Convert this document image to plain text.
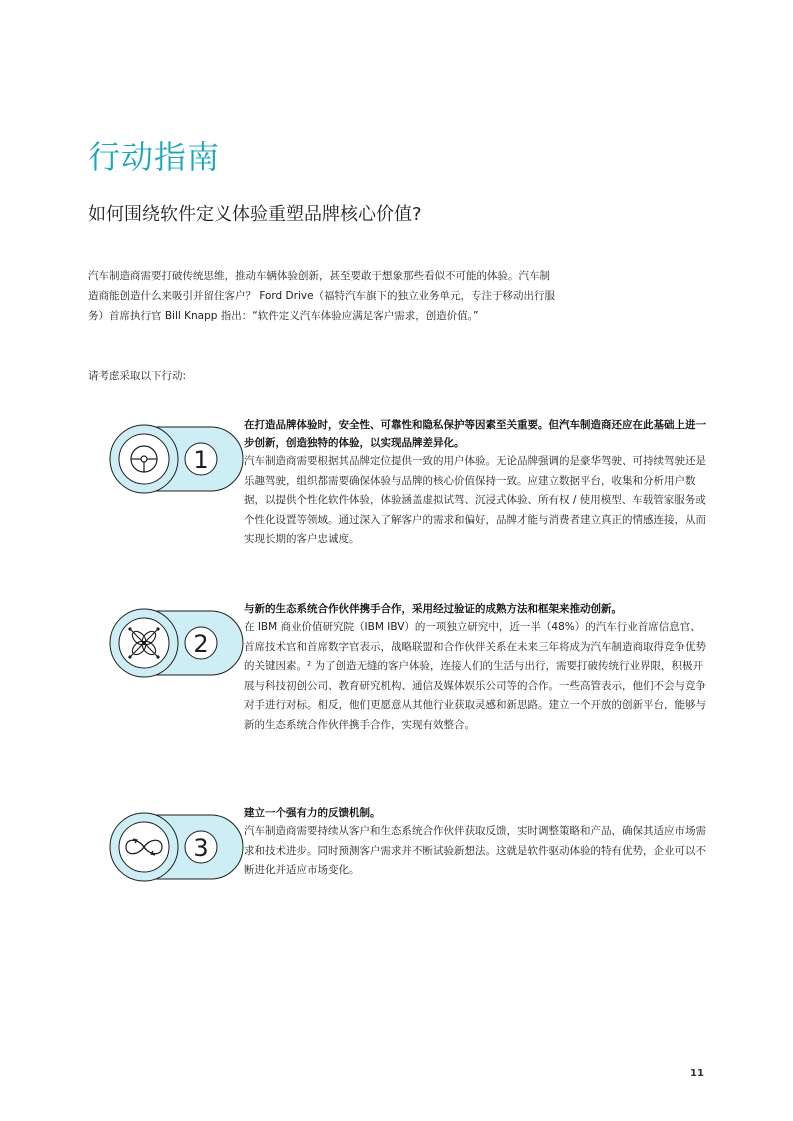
行动指南
如何围绕软件定义体验重塑品牌核心价值?
汽车制造商需要打破传统思维，推动车辆体验创新，甚至要敢于想象那些看似不可能的体验。汽车制造商能创造什么来吸引并留住客户？ Ford Drive（福特汽车旗下的独立业务单元，专注于移动出行服务）首席执行官 Bill Knapp 指出：“软件定义汽车体验应满足客户需求，创造价值。”
请考虑采取以下行动:
1
在打造品牌体验时，安全性、可靠性和隐私保护等因素至关重要。但汽车制造商还应在此基础上进一步创新，创造独特的体验，以实现品牌差异化。
汽车制造商需要根据其品牌定位提供一致的用户体验。无论品牌强调的是豪华驾驶、可持续驾驶还是乐趣驾驶，组织都需要确保体验与品牌的核心价值保持一致。应建立数据平台，收集和分析用户数据，以提供个性化软件体验，体验涵盖虚拟试驾、沉浸式体验、所有权 / 使用模型、车载管家服务或个性化设置等领域。通过深入了解客户的需求和偏好，品牌才能与消费者建立真正的情感连接，从而实现长期的客户忠诚度。
2
与新的生态系统合作伙伴携手合作，采用经过验证的成熟方法和框架来推动创新。
在 IBM 商业价值研究院（IBM IBV）的一项独立研究中，近一半（48%）的汽车行业首席信息官、首席技术官和首席数字官表示，战略联盟和合作伙伴关系在未来三年将成为汽车制造商取得竞争优势的关键因素。² 为了创造无缝的客户体验，连接人们的生活与出行，需要打破传统行业界限，积极开展与科技初创公司、教育研究机构、通信及媒体娱乐公司等的合作。一些高管表示，他们不会与竞争对手进行对标。相反，他们更愿意从其他行业获取灵感和新思路。建立一个开放的创新平台，能够与新的生态系统合作伙伴携手合作，实现有效整合。
3
建立一个强有力的反馈机制。
汽车制造商需要持续从客户和生态系统合作伙伴获取反馈，实时调整策略和产品，确保其适应市场需求和技术进步。同时预测客户需求并不断试验新想法。这就是软件驱动体验的特有优势，企业可以不断进化并适应市场变化。
11
